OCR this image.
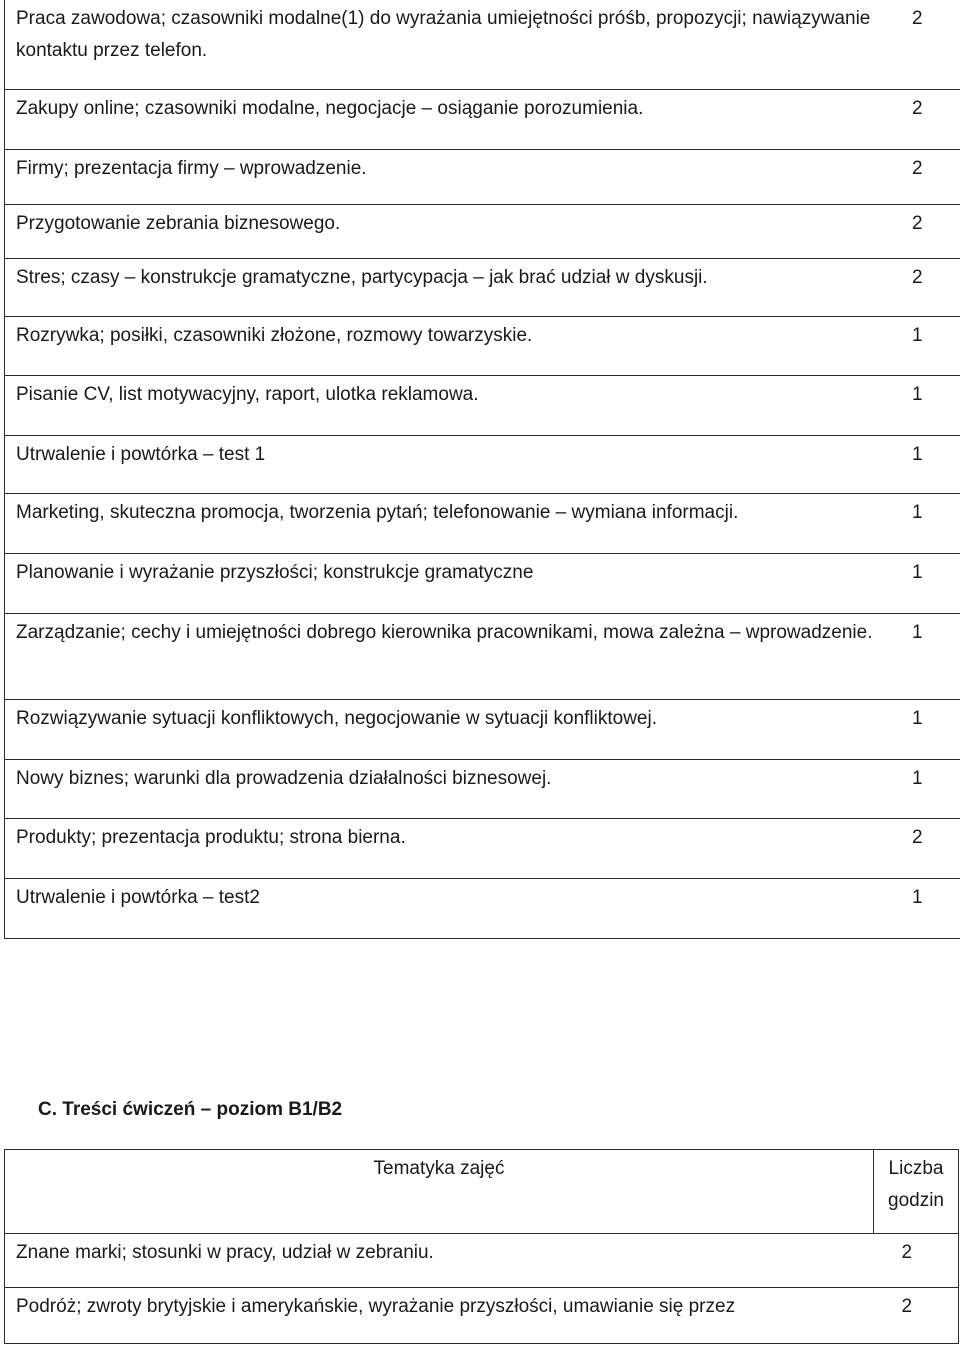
Praca zawodowa; czasowniki modalne(1) do wyrażania umiejętności próśb, propozycji; nawiązywanie kontaktu przez telefon.	2
Zakupy online; czasowniki modalne, negocjacje – osiąganie porozumienia.	2
Firmy; prezentacja firmy – wprowadzenie.	2
Przygotowanie zebrania biznesowego.	2
Stres; czasy – konstrukcje gramatyczne, partycypacja – jak brać udział w dyskusji.	2
Rozrywka; posiłki, czasowniki złożone, rozmowy towarzyskie.	1
Pisanie CV, list motywacyjny, raport, ulotka reklamowa.	1
Utrwalenie i powtórka – test 1	1
Marketing, skuteczna promocja, tworzenia pytań; telefonowanie – wymiana informacji.	1
Planowanie i wyrażanie przyszłości; konstrukcje gramatyczne	1
Zarządzanie; cechy i umiejętności dobrego kierownika pracownikami, mowa zależna – wprowadzenie.	1
Rozwiązywanie sytuacji konfliktowych, negocjowanie w sytuacji konfliktowej.	1
Nowy biznes; warunki dla prowadzenia działalności biznesowej.	1
Produkty; prezentacja produktu; strona bierna.	2
Utrwalenie i powtórka – test2	1
C. Treści ćwiczeń – poziom B1/B2
Tematyka zajęć	Liczba godzin
Znane marki; stosunki w pracy, udział w zebraniu.	2
Podróż; zwroty brytyjskie i amerykańskie, wyrażanie przyszłości, umawianie się przez	2
